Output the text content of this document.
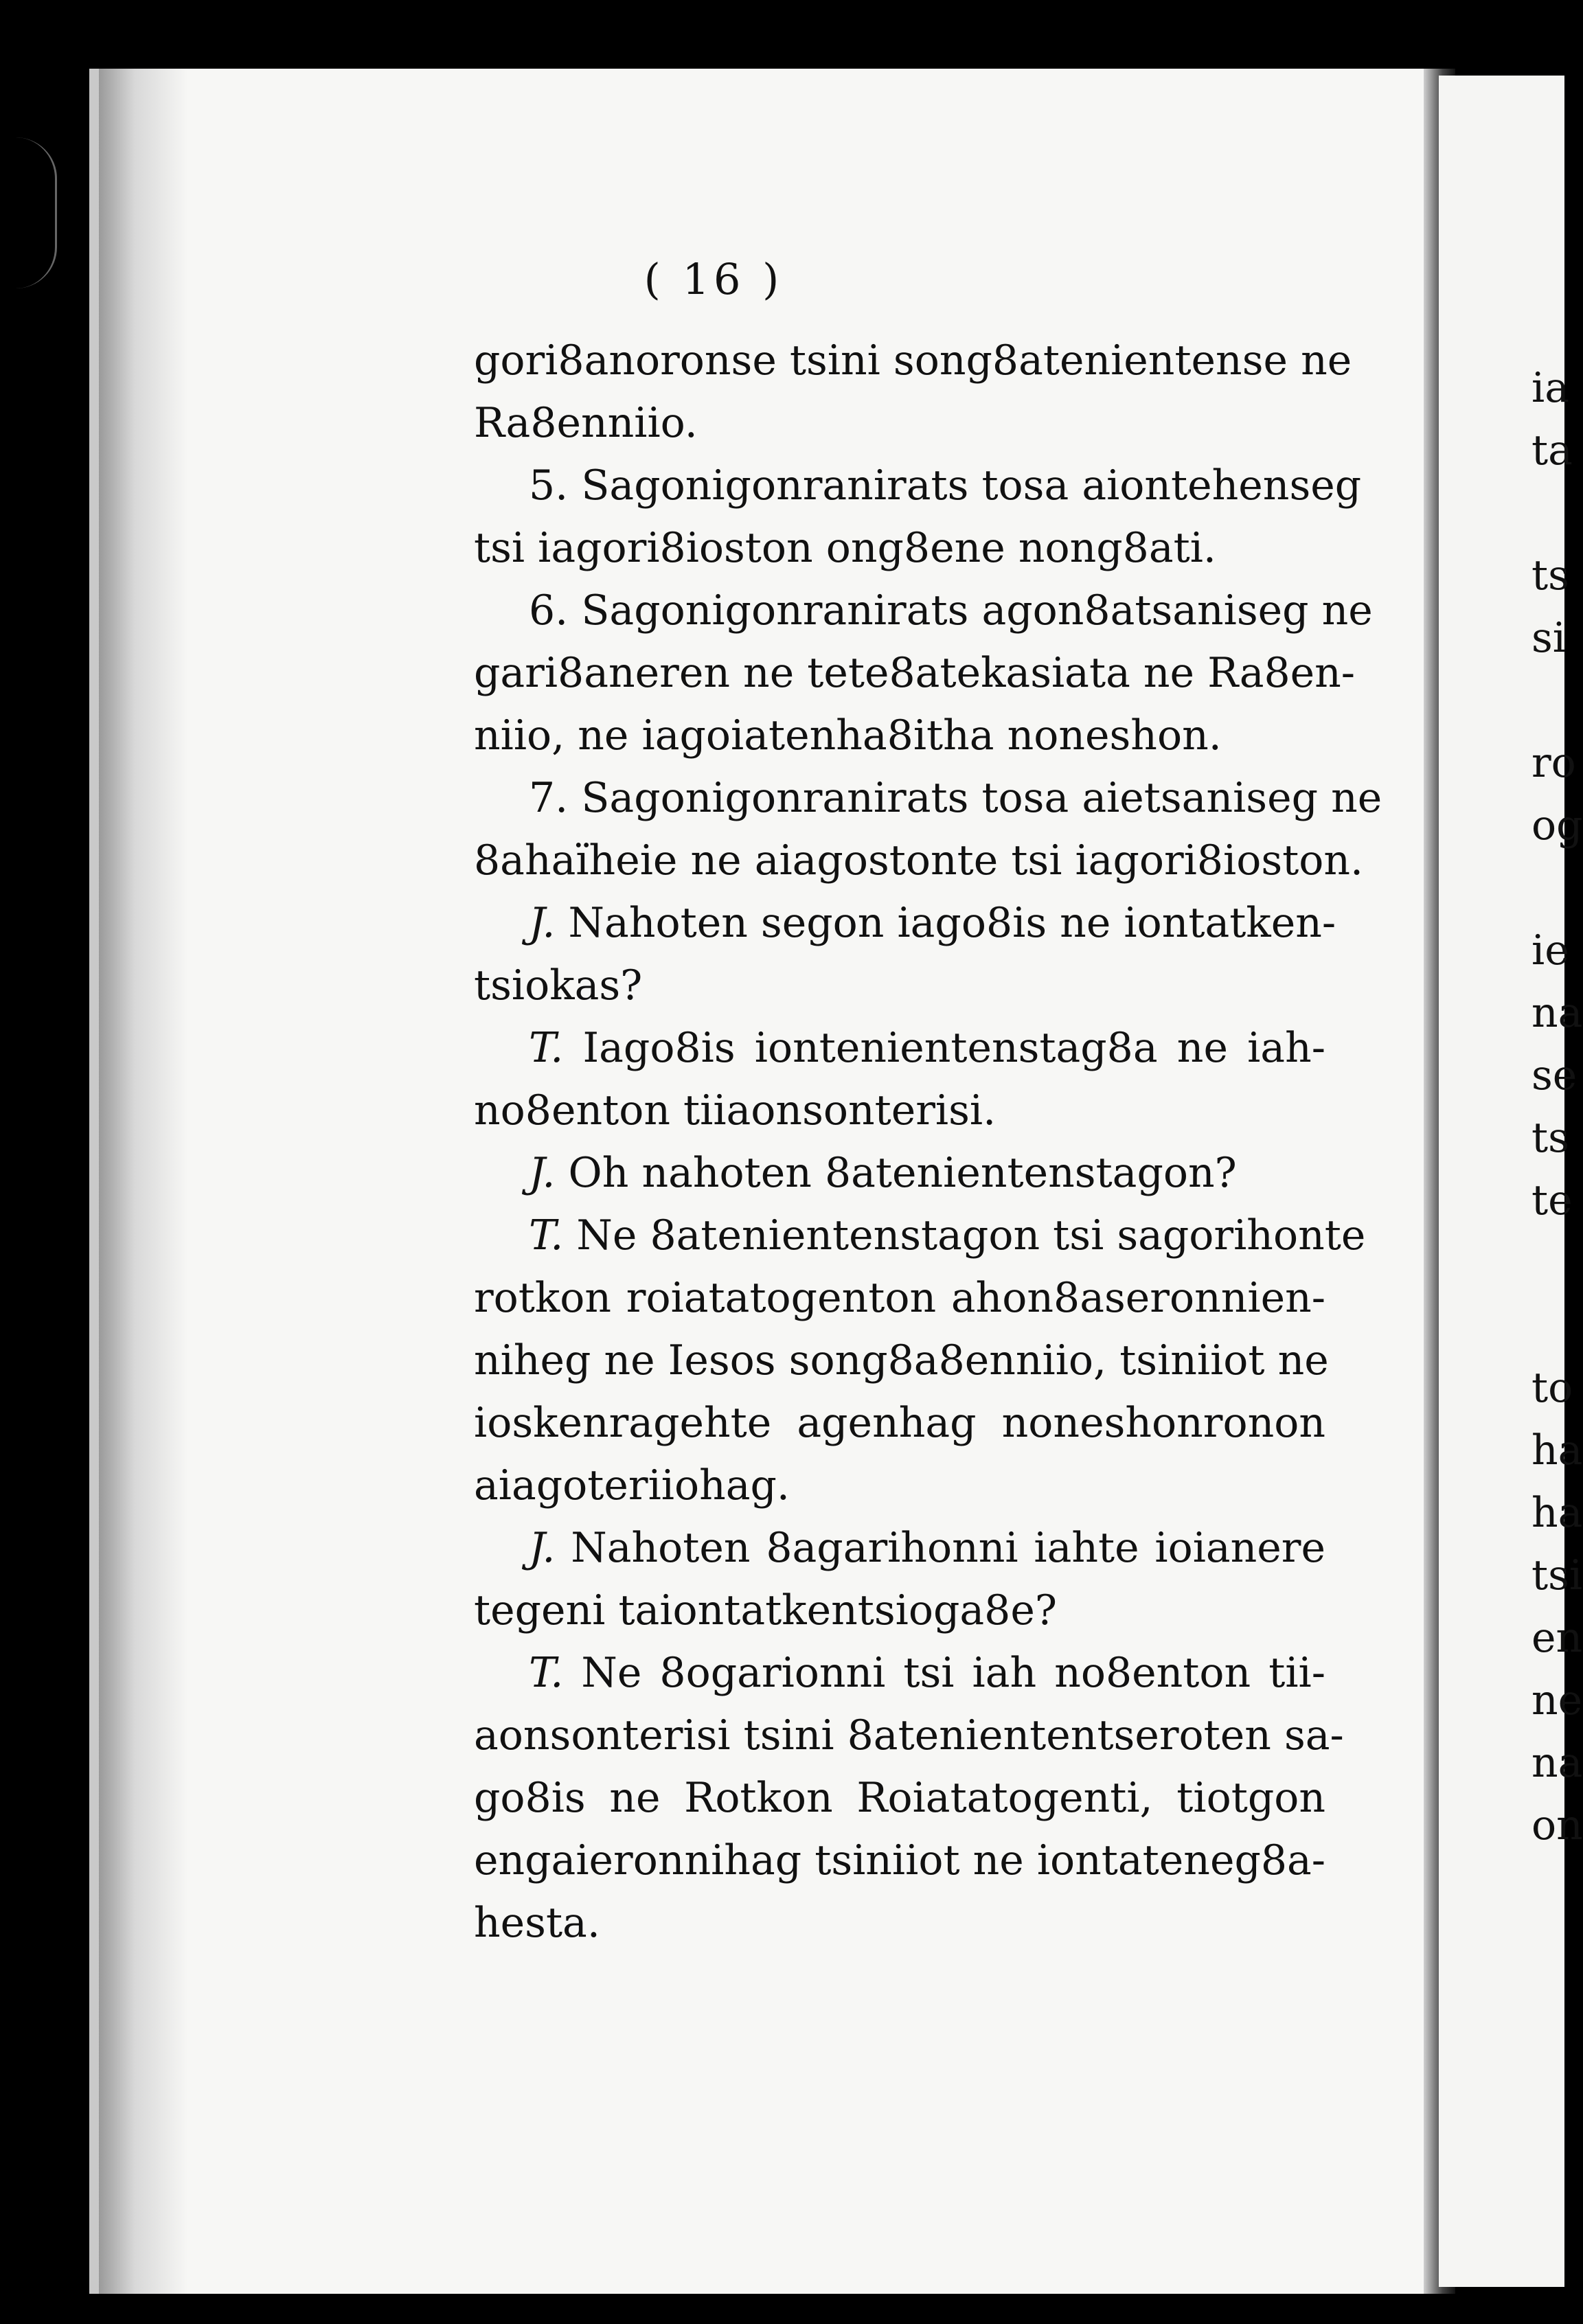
( 16 )
gori8anoronse tsini song8atenientense ne
Ra8enniio.
5. Sagonigonranirats tosa aiontehenseg
tsi iagori8ioston ong8ene nong8ati.
6. Sagonigonranirats agon8atsaniseg ne
gari8aneren ne tete8atekasiata ne Ra8en-
niio, ne iagoiatenha8itha noneshon.
7. Sagonigonranirats tosa aietsaniseg ne
8ahaïheie ne aiagostonte tsi iagori8ioston.
J. Nahoten segon iago8is ne iontatken-
tsiokas?
T. Iago8is iontenientenstag8a ne iah-
no8enton tiiaonsonterisi.
J. Oh nahoten 8atenientenstagon?
T. Ne 8atenientenstagon tsi sagorihonte
rotkon roiatatogenton ahon8aseronnien-
niheg ne Iesos song8a8enniio, tsiniiot ne
ioskenragehte agenhag noneshonronon
aiagoteriiohag.
J. Nahoten 8agarihonni iahte ioianere
tegeni taiontatkentsioga8e?
T. Ne 8ogarionni tsi iah no8enton tii-
aonsonterisi tsini 8ateniententseroten sa-
go8is ne Rotkon Roiatatogenti, tiotgon
engaieronnihag tsiniiot ne iontateneg8a-
hesta.
ia
ta
ts
si
ro
og
ie
na
se
ts
te
to
ha
ha
tsi
en
ne
na
on
